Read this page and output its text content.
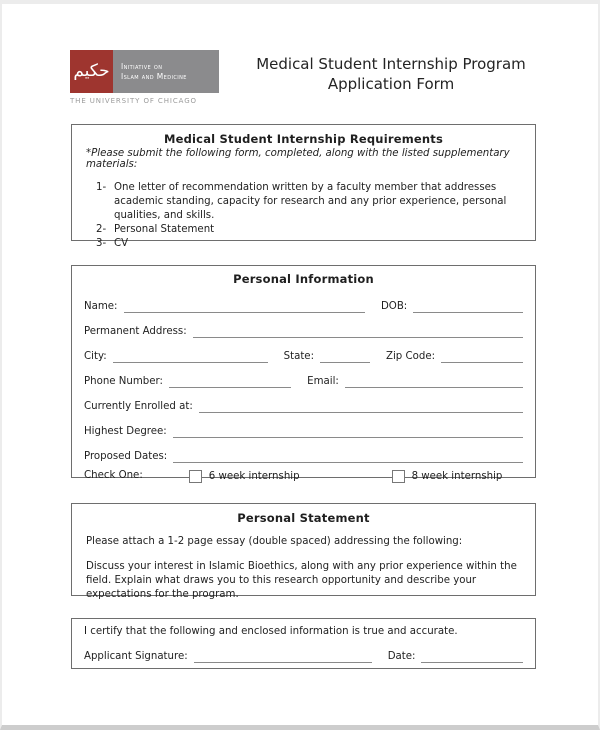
حكيم Initiative on
Islam and Medicine
THE UNIVERSITY OF CHICAGO
Medical Student Internship Program
Application Form
Medical Student Internship Requirements
*Please submit the following form, completed, along with the listed supplementary materials:
1- One letter of recommendation written by a faculty member that addresses academic standing, capacity for research and any prior experience, personal qualities, and skills.
2- Personal Statement
3- CV
Personal Information
Name:	DOB:
Permanent Address:
City:	State:	Zip Code:
Phone Number:	Email:
Currently Enrolled at:
Highest Degree:
Proposed Dates:
Check One:	6 week internship	8 week internship
Personal Statement
Please attach a 1-2 page essay (double spaced) addressing the following:
Discuss your interest in Islamic Bioethics, along with any prior experience within the field. Explain what draws you to this research opportunity and describe your expectations for the program.
I certify that the following and enclosed information is true and accurate.
Applicant Signature:	Date:
